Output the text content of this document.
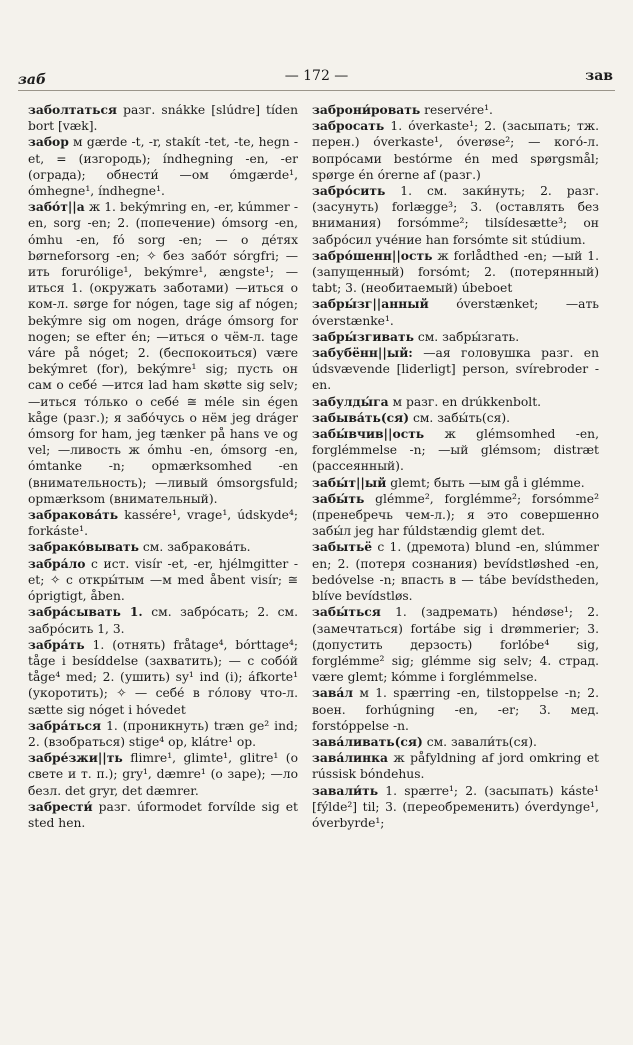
заб	— 172 —	зав

заболтаться разг. snákke [slúdre] tíden bort [væk].

забор м gærde -t, -r, stakít -tet, -te, hegn -et, = (изгородь); índhegning -en, -er (ограда); обнести́ —ом ómgærde¹, ómhegne¹, índhegne¹.

забо́т||а ж 1. bekýmring en, -er, kúmmer -en, sorg -en; 2. (попечение) ómsorg -en, ómhu -en, fó sorg -en; — о де́тях børneforsorg -en; ✧ без забо́т sórgfri; —ить forurólige¹, bekýmre¹, ængste¹; —иться 1. (окружать заботами) —иться о ком-л. sørge for nógen, tage sig af nógen; bekýmre sig om nogen, dráge ómsorg for nogen; se efter én; —иться о чём-л. tage váre på nóget; 2. (беспокоиться) være bekýmret (for), bekýmre¹ sig; пусть он сам о себе́ —ится lad ham skøtte sig selv; —иться то́лько о себе́ ≅ méle sin égen kåge (разг.); я забо́чусь о нём jeg dráger ómsorg for ham, jeg tænker på hans ve og vel; —ливость ж ómhu -en, ómsorg -en, ómtanke -n; opmærksomhed -en (внимательность); —ливый ómsorgsfuld; opmærksom (внимательный).

забракова́ть kassére¹, vrage¹, údskyde⁴; forkáste¹.

забрако́вывать см. забракова́ть.

забра́ло с ист. visír -et, -er, hjélmgitter -et; ✧ с откры́тым —м med åbent visír; ≅ óprigtigt, åben.

забра́сывать 1. см. забро́сать; 2. см. забро́сить 1, 3.

забра́ть 1. (отнять) fråtage⁴, bórttage⁴; tåge i besíddelse (захватить); — с собо́й tåge⁴ med; 2. (ушить) sy¹ ind (i); áfkorte¹ (укоротить); ✧ — себе́ в го́лову что-л. sætte sig nóget i hóvedet

забра́ться 1. (проникнуть) træn ge² ind; 2. (взобраться) stige⁴ op, klátre¹ op.

забре́зжи||ть flimre¹, glimte¹, glitre¹ (о свете и т. п.); gry¹, dæmre¹ (о заре); —ло безл. det gryr, det dæmrer.

забрести́ разг. úformodet forvílde sig et sted hen.

заброни́ровать reservére¹.

забросать 1. óverkaste¹; 2. (засыпать; тж. перен.) óverkaste¹, óverøse²; — кого́-л. вопро́сами bestórme én med spørgsmål; spørge én órerne af (разг.)

забро́сить 1. см. заки́нуть; 2. разг. (засунуть) forlægge³; 3. (оставлять без внимания) forsómme²; tilsídesætte³; он забро́сил уче́ние han forsómte sit stúdium.

забро́шенн||ость ж forlådthed -en; —ый 1. (запущенный) forsómt; 2. (потерянный) tabt; 3. (необитаемый) úbeboet

забры́зг||анный óverstænket; —ать óverstænke¹.

забры́згивать см. забры́згать.

забубённ||ый: —ая головушка разг. en údsvævende [liderligt] person, svírebroder -en.

забулды́га м разг. en drúkkenbolt.

забыва́ть(ся) см. забы́ть(ся).

забы́вчив||ость ж glémsomhed -en, forglémmelse -n; —ый glémsom; distræt (рассеянный).

забы́т||ый glemt; быть —ым gå i glémme.

забы́ть glémme², forglémme²; forsómme² (пренебречь чем-л.); я это совершенно забы́л jeg har fúldstændig glemt det.

забытьё с 1. (дремота) blund -en, slúmmer en; 2. (потеря сознания) bevídstløshed -en, bedóvelse -n; впасть в — tábe bevídstheden, blíve bevídstløs.

забы́ться 1. (задремать) héndøse¹; 2. (замечтаться) fortábe sig i drømmerier; 3. (допустить дерзость) forlóbe⁴ sig, forglémme² sig; glémme sig selv; 4. страд. være glemt; kómme i forglémmelse.

зава́л м 1. spærring -en, tilstoppelse -n; 2. воен. forhúgning -en, -er; 3. мед. forstóppelse -n.

зава́ливать(ся) см. завали́ть(ся).

зава́линка ж påfyldning af jord omkring et rússisk bóndehus.

завали́ть 1. spærre¹; 2. (засыпать) káste¹ [fýlde²] til; 3. (переобременить) óverdynge¹, óverbyrde¹;
